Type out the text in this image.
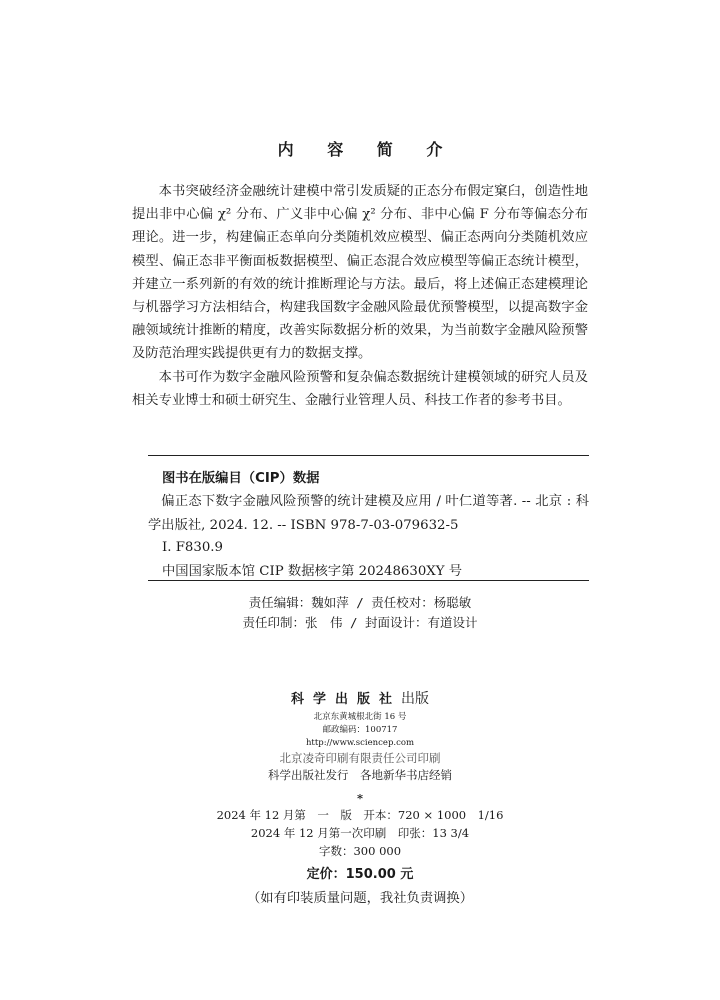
内 容 简 介

本书突破经济金融统计建模中常引发质疑的正态分布假定窠臼，创造性地提出非中心偏 χ² 分布、广义非中心偏 χ² 分布、非中心偏 F 分布等偏态分布理论。进一步，构建偏正态单向分类随机效应模型、偏正态两向分类随机效应模型、偏正态非平衡面板数据模型、偏正态混合效应模型等偏正态统计模型，并建立一系列新的有效的统计推断理论与方法。最后，将上述偏正态建模理论与机器学习方法相结合，构建我国数字金融风险最优预警模型，以提高数字金融领域统计推断的精度，改善实际数据分析的效果，为当前数字金融风险预警及防范治理实践提供更有力的数据支撑。

本书可作为数字金融风险预警和复杂偏态数据统计建模领域的研究人员及相关专业博士和硕士研究生、金融行业管理人员、科技工作者的参考书目。

图书在版编目（CIP）数据
偏正态下数字金融风险预警的统计建模及应用 / 叶仁道等著. -- 北京 : 科学出版社, 2024. 12. -- ISBN 978-7-03-079632-5
Ⅰ. F830.9
中国国家版本馆 CIP 数据核字第 20248630XY 号
责任编辑：魏如萍 / 责任校对：杨聪敏
责任印制：张　伟 / 封面设计：有道设计
科学出版社出版
北京东黄城根北街 16 号
邮政编码：100717
http://www.sciencep.com
北京凌奇印刷有限责任公司印刷
科学出版社发行　各地新华书店经销
*
2024 年 12 月第　一　版　开本：720 × 1000　1/16
2024 年 12 月第一次印刷　印张：13 3/4
字数：300 000
定价：150.00 元
（如有印装质量问题，我社负责调换）
